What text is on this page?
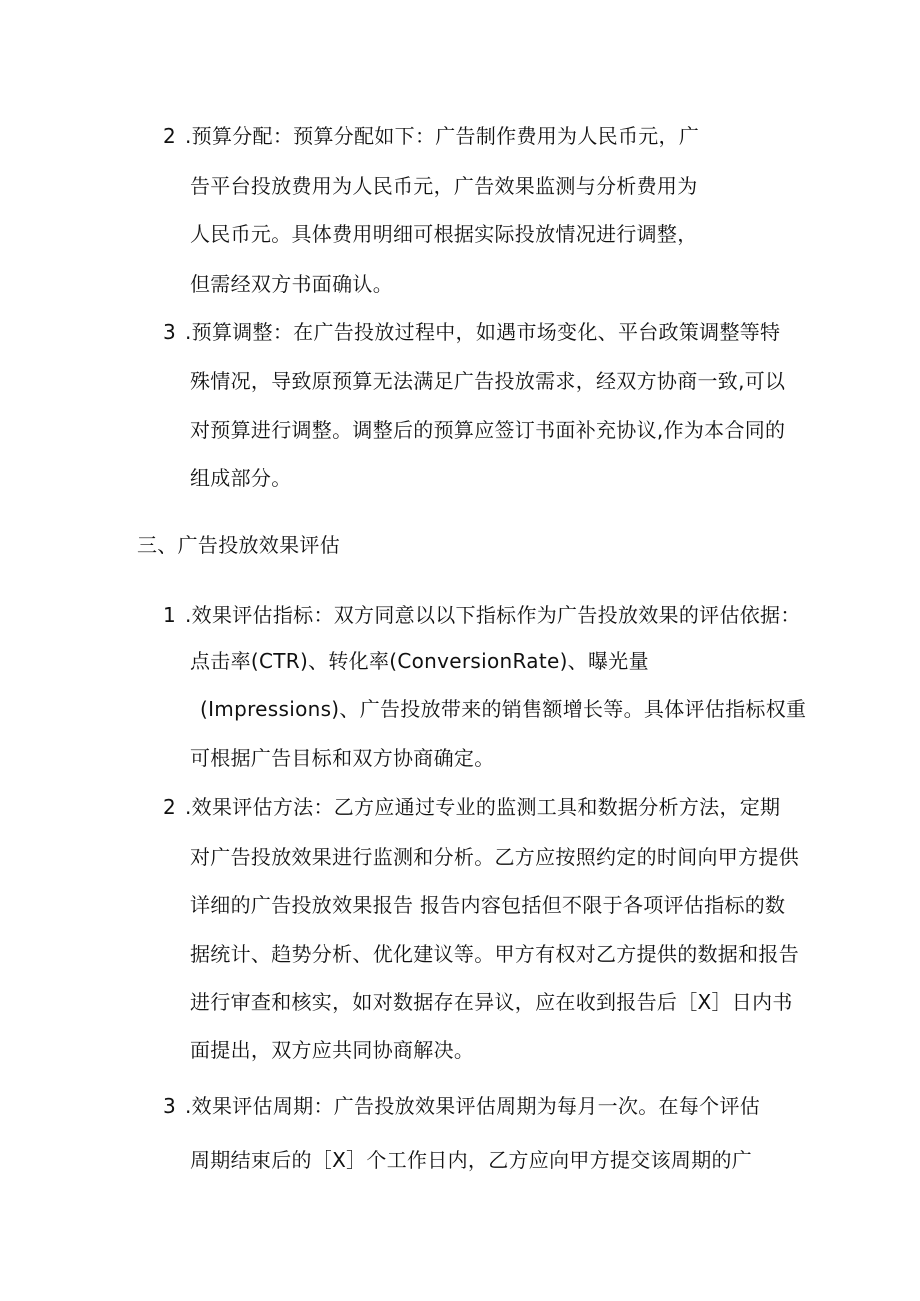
2 .预算分配：预算分配如下：广告制作费用为人民币元，广
告平台投放费用为人民币元，广告效果监测与分析费用为
人民币元。具体费用明细可根据实际投放情况进行调整，
但需经双方书面确认。
3 .预算调整：在广告投放过程中，如遇市场变化、平台政策调整等特
殊情况，导致原预算无法满足广告投放需求，经双方协商一致,可以
对预算进行调整。调整后的预算应签订书面补充协议,作为本合同的
组成部分。
三、广告投放效果评估
1 .效果评估指标：双方同意以以下指标作为广告投放效果的评估依据：
点击率(CTR)、转化率(ConversionRate)、曝光量
(Impressions)、广告投放带来的销售额增长等。具体评估指标权重
可根据广告目标和双方协商确定。
2 .效果评估方法：乙方应通过专业的监测工具和数据分析方法，定期
对广告投放效果进行监测和分析。乙方应按照约定的时间向甲方提供
详细的广告投放效果报告 报告内容包括但不限于各项评估指标的数
据统计、趋势分析、优化建议等。甲方有权对乙方提供的数据和报告
进行审查和核实，如对数据存在异议，应在收到报告后［X］日内书
面提出，双方应共同协商解决。
3 .效果评估周期：广告投放效果评估周期为每月一次。在每个评估
周期结束后的［X］个工作日内，乙方应向甲方提交该周期的广
